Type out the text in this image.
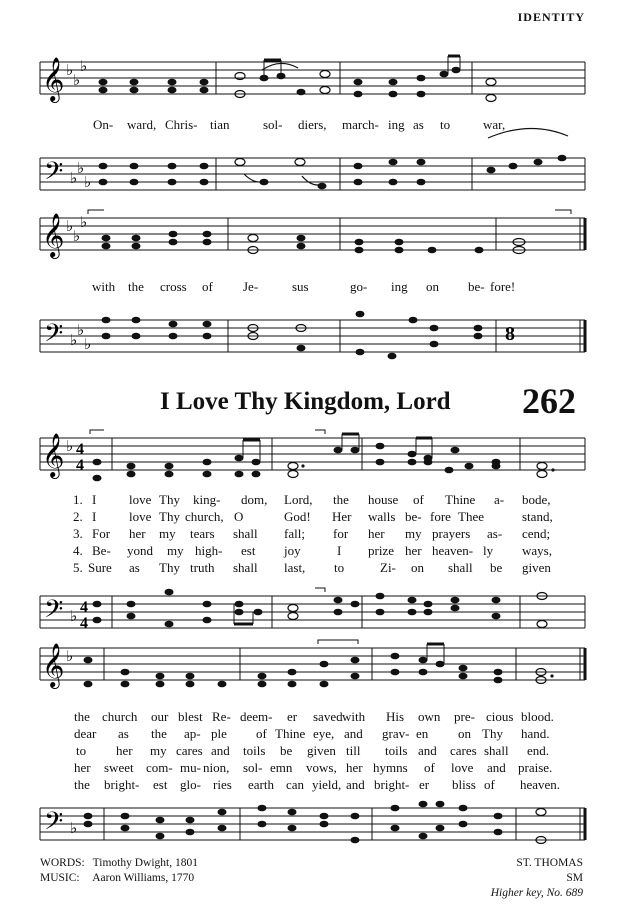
IDENTITY
𝄞 ♭
♭
♭
On- ward, Chris- tian	sol- diers, march- ing as to	war,
𝄢 ♭
♭
♭
𝄞 ♭
♭
♭
with the cross of Je-	sus	go- ing on be- fore!
𝄢 ♭
♭
♭	8
I Love Thy Kingdom, Lord 262
𝄞 ♭ 4
4
1. I	love Thy king- dom, Lord, the house of Thine a- bode,
2. I	love Thy church, O	God! Her walls be- fore Thee	stand,
3. For her my tears shall fall; for her my prayers as- cend;
4. Be- yond my high- est joy	I prize her heaven- ly ways,
5. Sure as Thy truth shall last, to	Zi- on shall be given
𝄢 ♭
4
4
𝄞 ♭
the church our blest Re- deem- er saved with His own pre- cious blood.
dear as the ap- ple of Thine eye, and grav- en on Thy hand.
to her my cares and toils be given till toils and cares shall end.
her sweet com- mu- nion, sol- emn vows, her hymns of love and praise.
the bright- est glo- ries earth can yield, and bright- er bliss of heaven.
𝄢 ♭
WORDS: Timothy Dwight, 1801
MUSIC: Aaron Williams, 1770
ST. THOMAS
SM
Higher key, No. 689
